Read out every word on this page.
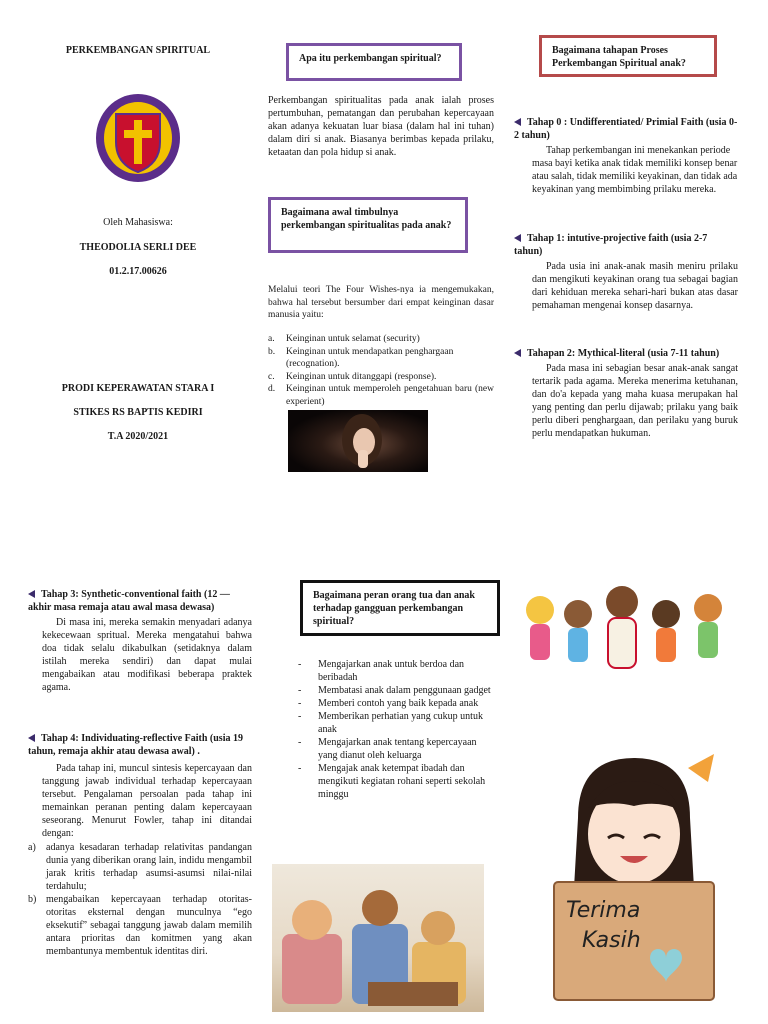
PERKEMBANGAN SPIRITUAL
Oleh Mahasiswa:
THEODOLIA SERLI DEE
01.2.17.00626
PRODI KEPERAWATAN STARA I
STIKES RS BAPTIS KEDIRI
T.A 2020/2021
Apa itu perkembangan spiritual?
Perkembangan spiritualitas pada anak ialah proses pertumbuhan, pematangan dan perubahan kepercayaan akan adanya kekuatan luar biasa (dalam hal ini tuhan) dalam diri si anak. Biasanya berimbas kepada prilaku, ketaatan dan pola hidup si anak.
Bagaimana awal timbulnya perkembangan spiritualitas pada anak?
Melalui teori The Four Wishes-nya ia mengemukakan, bahwa hal tersebut bersumber dari empat keinginan dasar manusia yaitu:
a. Keinginan untuk selamat (security)
b. Keinginan untuk mendapatkan penghargaan (recognation).
c. Keinginan untuk ditanggapi (response).
d. Keinginan untuk memperoleh pengetahuan baru (new experient)
Bagaimana tahapan Proses Perkembangan Spiritual anak?
Tahap 0 : Undifferentiated/ Primial Faith (usia 0-2 tahun)
Tahap perkembangan ini menekankan periode masa bayi ketika anak tidak memiliki konsep benar atau salah, tidak memiliki keyakinan, dan tidak ada keyakinan yang membimbing prilaku mereka.
Tahap 1: intutive-projective faith (usia 2-7 tahun)
Pada usia ini anak-anak masih meniru prilaku dan mengikuti keyakinan orang tua sebagai bagian dari kehiduan mereka sehari-hari bukan atas dasar pemahaman mengenai konsep dasarnya.
Tahapan 2: Mythical-literal (usia 7-11 tahun)
Pada masa ini sebagian besar anak-anak sangat tertarik pada agama. Mereka menerima ketuhanan, dan do'a kepada yang maha kuasa merupakan hal yang penting dan perlu dijawab; prilaku yang baik perlu diberi penghargaan, dan perilaku yang buruk perlu mendapatkan hukuman.
Tahap 3: Synthetic-conventional faith (12 —akhir masa remaja atau awal masa dewasa)
Di masa ini, mereka semakin menyadari adanya kekecewaan spritual. Mereka mengatahui bahwa doa tidak selalu dikabulkan (setidaknya dalam istilah mereka sendiri) dan dapat mulai mengabaikan atau modifikasi beberapa praktek agama.
Tahap 4: Individuating-reflective Faith (usia 19 tahun, remaja akhir atau dewasa awal) .
Pada tahap ini, muncul sintesis kepercayaan dan tanggung jawab individual terhadap kepercayaan tersebut. Pengalaman persoalan pada tahap ini memainkan peranan penting dalam kepercayaan seseorang. Menurut Fowler, tahap ini ditandai dengan:
a) adanya kesadaran terhadap relativitas pandangan dunia yang diberikan orang lain, indidu mengambil jarak kritis terhadap asumsi-asumsi nilai-nilai terdahulu;
b) mengabaikan kepercayaan terhadap otoritas-otoritas eksternal dengan munculnya “ego eksekutif” sebagai tanggung jawab dalam memilih antara prioritas dan komitmen yang akan membantunya membentuk identitas diri.
Bagaimana peran orang tua dan anak terhadap gangguan perkembangan spiritual?
- Mengajarkan anak untuk berdoa dan beribadah
- Membatasi anak dalam penggunaan gadget
- Memberi contoh yang baik kepada anak
- Memberikan perhatian yang cukup untuk anak
- Mengajarkan anak tentang kepercayaan yang dianut oleh keluarga
- Mengajak anak ketempat ibadah dan mengikuti kegiatan rohani seperti sekolah minggu
Terima
Kasih
